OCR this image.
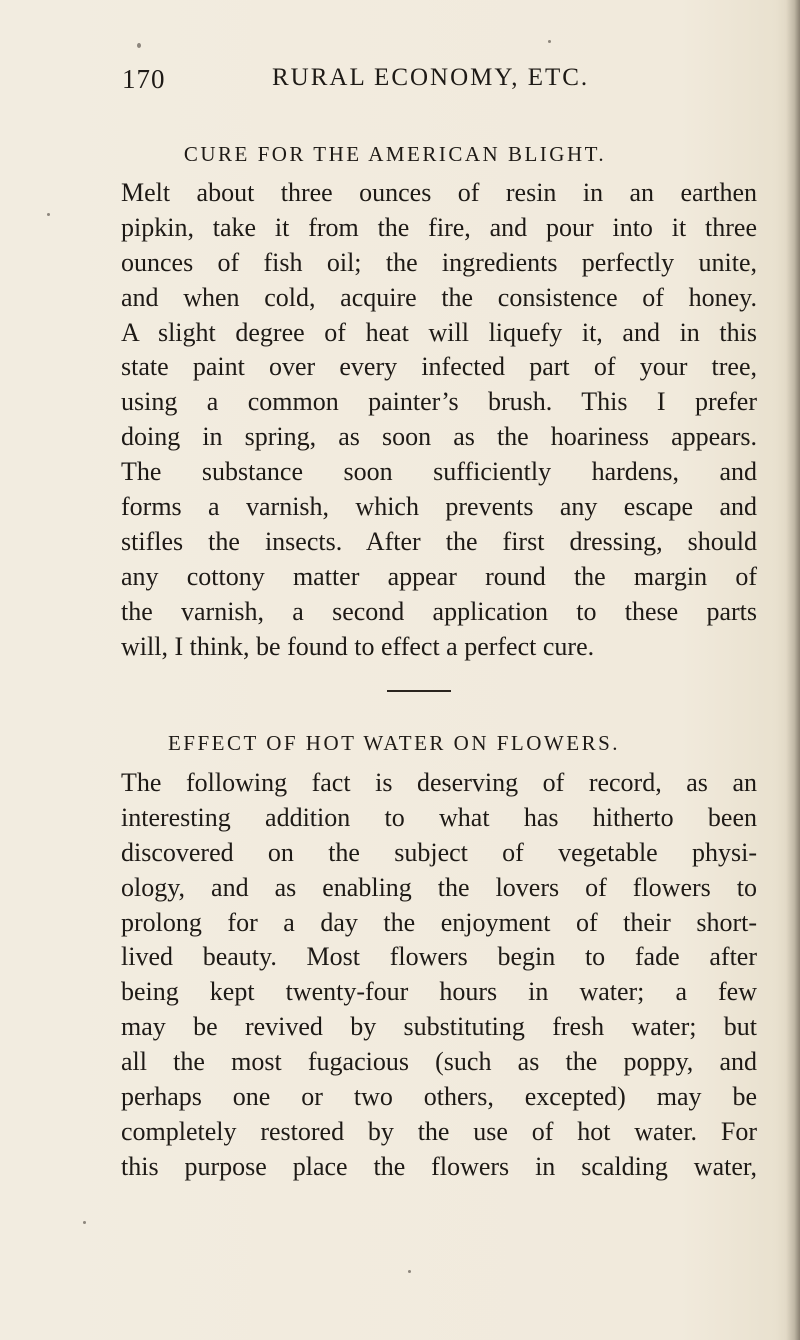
170	RURAL ECONOMY, ETC.
CURE FOR THE AMERICAN BLIGHT.
Melt about three ounces of resin in an earthen
pipkin, take it from the fire, and pour into it three
ounces of fish oil; the ingredients perfectly unite,
and when cold, acquire the consistence of honey.
A slight degree of heat will liquefy it, and in this
state paint over every infected part of your tree,
using a common painter’s brush. This I prefer
doing in spring, as soon as the hoariness appears.
The substance soon sufficiently hardens, and
forms a varnish, which prevents any escape and
stifles the insects. After the first dressing, should
any cottony matter appear round the margin of
the varnish, a second application to these parts
will, I think, be found to effect a perfect cure.
EFFECT OF HOT WATER ON FLOWERS.
The following fact is deserving of record, as an
interesting addition to what has hitherto been
discovered on the subject of vegetable physi-
ology, and as enabling the lovers of flowers to
prolong for a day the enjoyment of their short-
lived beauty. Most flowers begin to fade after
being kept twenty-four hours in water; a few
may be revived by substituting fresh water; but
all the most fugacious (such as the poppy, and
perhaps one or two others, excepted) may be
completely restored by the use of hot water. For
this purpose place the flowers in scalding water,
